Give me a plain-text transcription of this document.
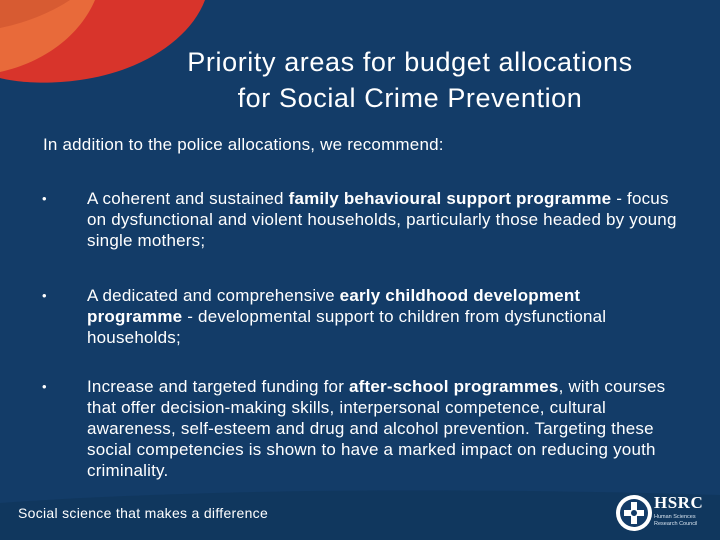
Priority areas for budget allocations
for Social Crime Prevention
In addition to the police allocations, we recommend:
•	A coherent and sustained family behavioural support programme - focus on dysfunctional and violent households, particularly those headed by young single mothers;
•	A dedicated and comprehensive early childhood development programme - developmental support to children from dysfunctional households;
•	Increase and targeted funding for after-school programmes, with courses that offer decision-making skills, interpersonal competence, cultural awareness, self-esteem and drug and alcohol prevention. Targeting these social competencies is shown to have a marked impact on reducing youth criminality.
Social science that makes a difference
HSRC
Human Sciences Research Council
